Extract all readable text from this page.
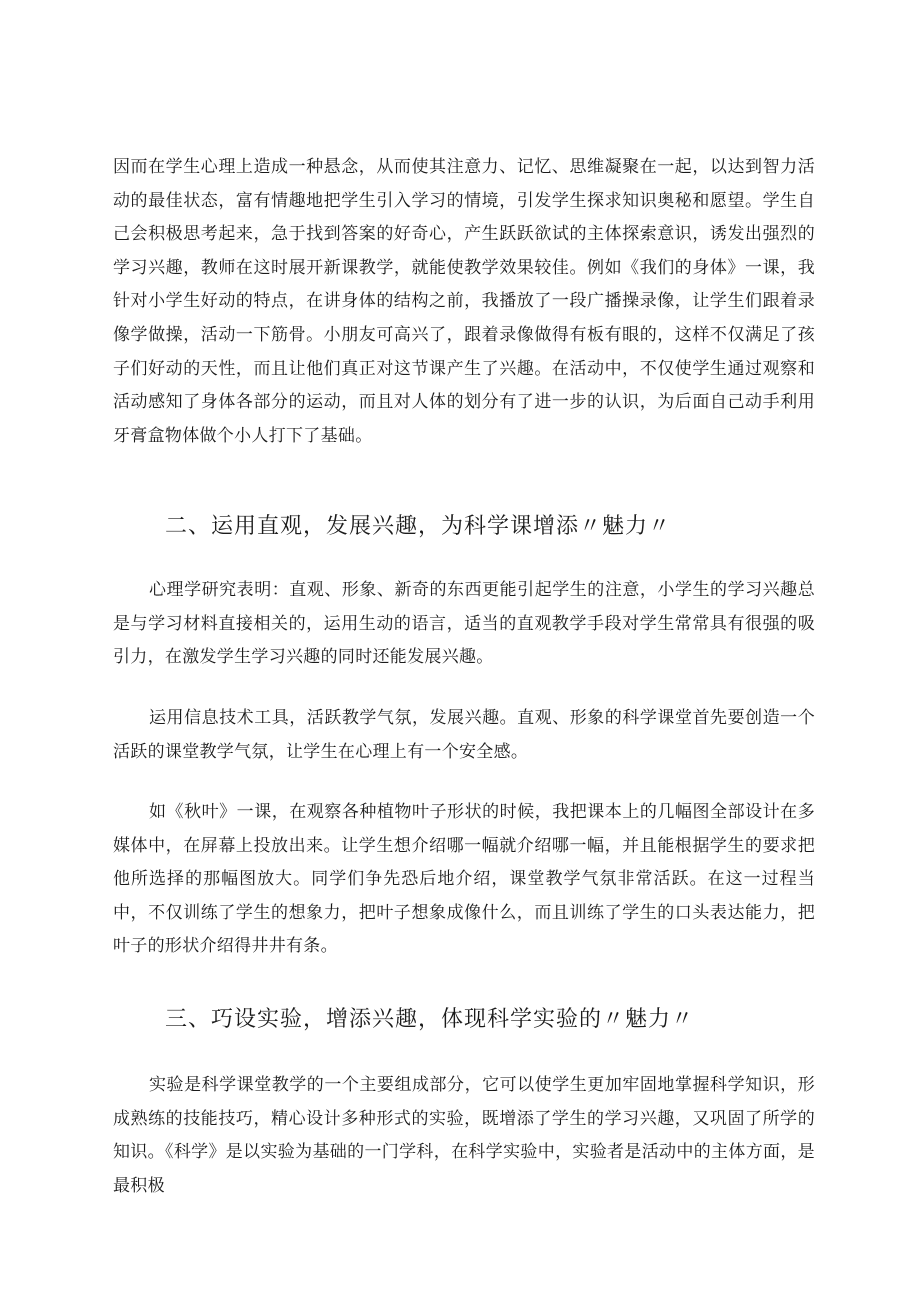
因而在学生心理上造成一种悬念，从而使其注意力、记忆、思维凝聚在一起，以达到智力活动的最佳状态，富有情趣地把学生引入学习的情境，引发学生探求知识奥秘和愿望。学生自己会积极思考起来，急于找到答案的好奇心，产生跃跃欲试的主体探索意识，诱发出强烈的学习兴趣，教师在这时展开新课教学，就能使教学效果较佳。例如《我们的身体》一课，我针对小学生好动的特点，在讲身体的结构之前，我播放了一段广播操录像，让学生们跟着录像学做操，活动一下筋骨。小朋友可高兴了，跟着录像做得有板有眼的，这样不仅满足了孩子们好动的天性，而且让他们真正对这节课产生了兴趣。在活动中，不仅使学生通过观察和活动感知了身体各部分的运动，而且对人体的划分有了进一步的认识，为后面自己动手利用牙膏盒物体做个小人打下了基础。

二、运用直观，发展兴趣，为科学课增添〃魅力〃

心理学研究表明：直观、形象、新奇的东西更能引起学生的注意，小学生的学习兴趣总是与学习材料直接相关的，运用生动的语言，适当的直观教学手段对学生常常具有很强的吸引力，在激发学生学习兴趣的同时还能发展兴趣。

运用信息技术工具，活跃教学气氛，发展兴趣。直观、形象的科学课堂首先要创造一个活跃的课堂教学气氛，让学生在心理上有一个安全感。

如《秋叶》一课，在观察各种植物叶子形状的时候，我把课本上的几幅图全部设计在多媒体中，在屏幕上投放出来。让学生想介绍哪一幅就介绍哪一幅，并且能根据学生的要求把他所选择的那幅图放大。同学们争先恐后地介绍，课堂教学气氛非常活跃。在这一过程当中，不仅训练了学生的想象力，把叶子想象成像什么，而且训练了学生的口头表达能力，把叶子的形状介绍得井井有条。

三、巧设实验，增添兴趣，体现科学实验的〃魅力〃

实验是科学课堂教学的一个主要组成部分，它可以使学生更加牢固地掌握科学知识，形成熟练的技能技巧，精心设计多种形式的实验，既增添了学生的学习兴趣，又巩固了所学的知识。《科学》是以实验为基础的一门学科，在科学实验中，实验者是活动中的主体方面，是最积极
